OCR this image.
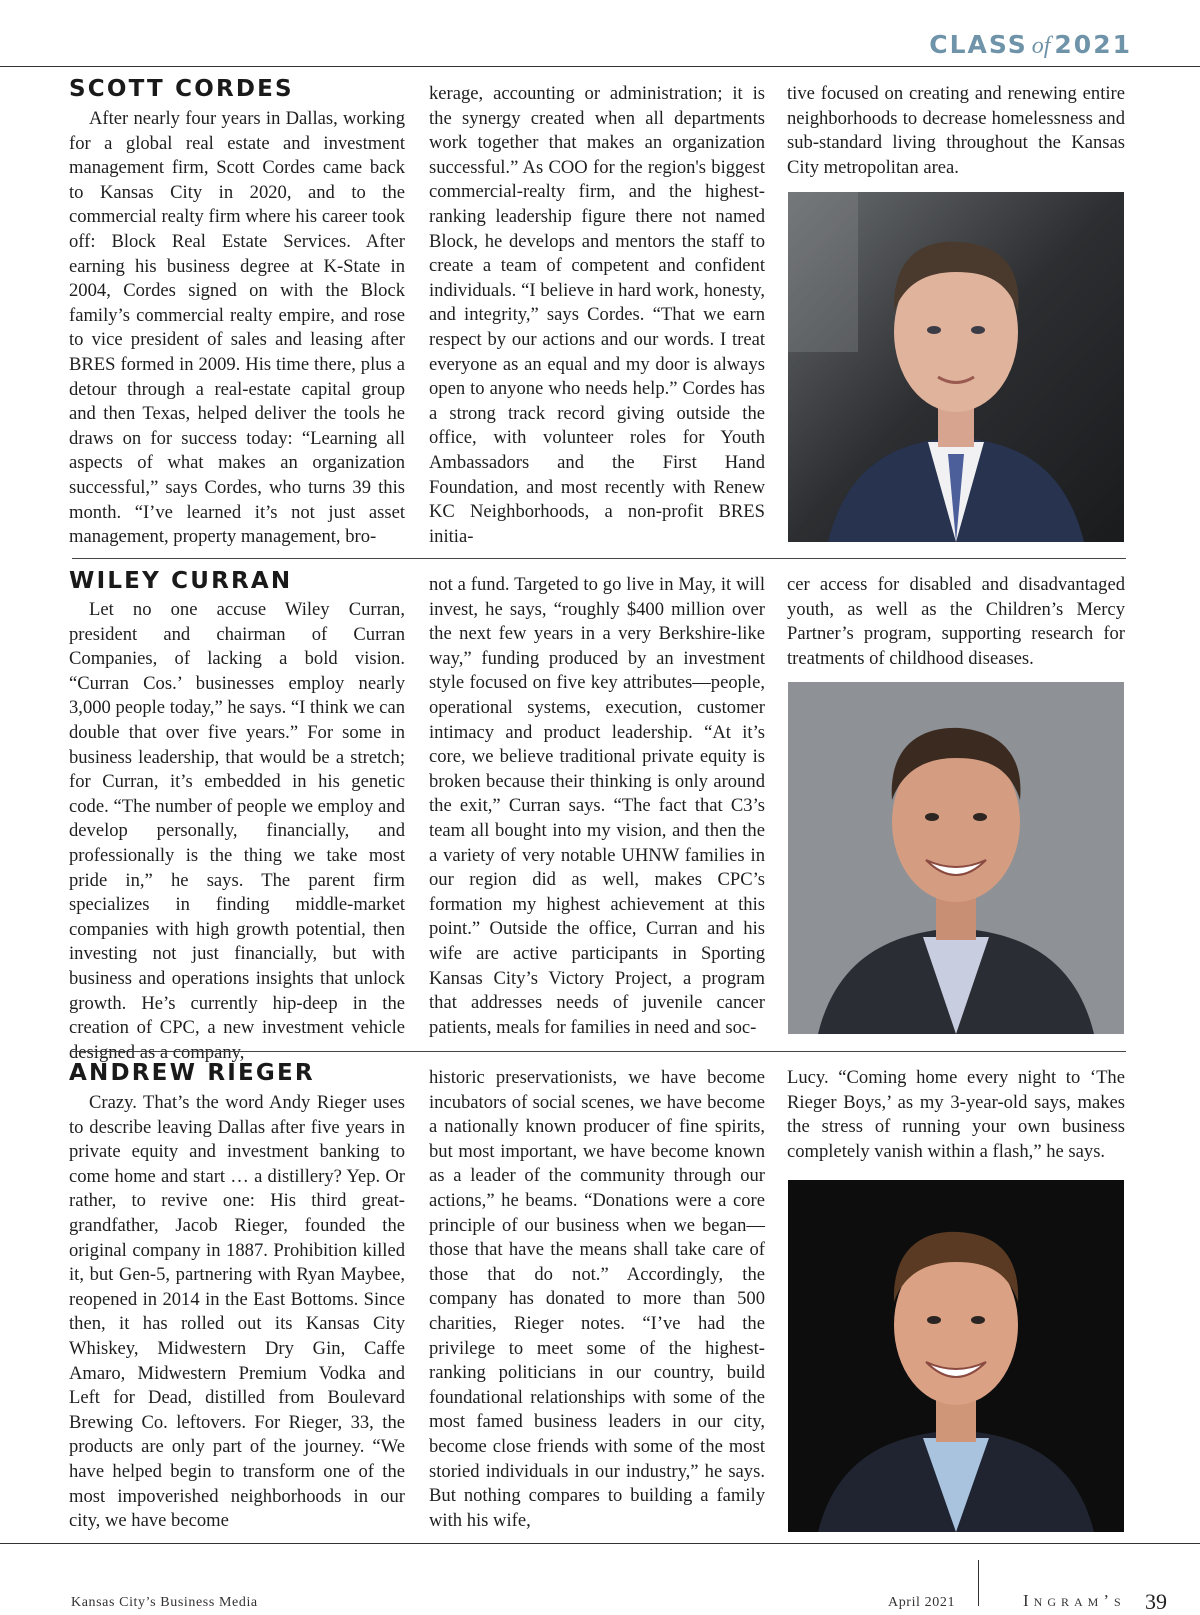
CLASS of 2021
SCOTT CORDES

After nearly four years in Dallas, working for a global real estate and investment management firm, Scott Cordes came back to Kansas City in 2020, and to the commercial realty firm where his career took off: Block Real Estate Services. After earning his business degree at K-State in 2004, Cordes signed on with the Block family’s commercial realty empire, and rose to vice president of sales and leasing after BRES formed in 2009. His time there, plus a detour through a real-estate capital group and then Texas, helped deliver the tools he draws on for success today: “Learning all aspects of what makes an organization successful,” says Cordes, who turns 39 this month. “I’ve learned it’s not just asset management, property management, bro-

kerage, accounting or administration; it is the synergy created when all departments work together that makes an organization successful.” As COO for the region's biggest commercial-realty firm, and the highest-ranking leadership figure there not named Block, he develops and mentors the staff to create a team of competent and confident individuals. “I believe in hard work, honesty, and integrity,” says Cordes. “That we earn respect by our actions and our words. I treat everyone as an equal and my door is always open to anyone who needs help.” Cordes has a strong track record giving outside the office, with volunteer roles for Youth Ambassadors and the First Hand Foundation, and most recently with Renew KC Neighborhoods, a non-profit BRES initia-

tive focused on creating and renewing entire neighborhoods to decrease homelessness and sub-standard living throughout the Kansas City metropolitan area.

WILEY CURRAN

Let no one accuse Wiley Curran, president and chairman of Curran Companies, of lacking a bold vision. “Curran Cos.’ businesses employ nearly 3,000 people today,” he says. “I think we can double that over five years.” For some in business leadership, that would be a stretch; for Curran, it’s embedded in his genetic code. “The number of people we employ and develop personally, financially, and professionally is the thing we take most pride in,” he says. The parent firm specializes in finding middle-market companies with high growth potential, then investing not just financially, but with business and operations insights that unlock growth. He’s currently hip-deep in the creation of CPC, a new investment vehicle designed as a company,

not a fund. Targeted to go live in May, it will invest, he says, “roughly $400 million over the next few years in a very Berkshire-like way,” funding produced by an investment style focused on five key attributes—people, operational systems, execution, customer intimacy and product leadership. “At it’s core, we believe traditional private equity is broken because their thinking is only around the exit,” Curran says. “The fact that C3’s team all bought into my vision, and then the a variety of very notable UHNW families in our region did as well, makes CPC’s formation my highest achievement at this point.” Outside the office, Curran and his wife are active participants in Sporting Kansas City’s Victory Project, a program that addresses needs of juvenile cancer patients, meals for families in need and soc-

cer access for disabled and disadvantaged youth, as well as the Children’s Mercy Partner’s program, supporting research for treatments of childhood diseases.

ANDREW RIEGER

Crazy. That’s the word Andy Rieger uses to describe leaving Dallas after five years in private equity and investment banking to come home and start … a distillery? Yep. Or rather, to revive one: His third great-grandfather, Jacob Rieger, founded the original company in 1887. Prohibition killed it, but Gen-5, partnering with Ryan Maybee, reopened in 2014 in the East Bottoms. Since then, it has rolled out its Kansas City Whiskey, Midwestern Dry Gin, Caffe Amaro, Midwestern Premium Vodka and Left for Dead, distilled from Boulevard Brewing Co. leftovers. For Rieger, 33, the products are only part of the journey. “We have helped begin to transform one of the most impoverished neighborhoods in our city, we have become

historic preservationists, we have become incubators of social scenes, we have become a nationally known producer of fine spirits, but most important, we have become known as a leader of the community through our actions,” he beams. “Donations were a core principle of our business when we began—those that have the means shall take care of those that do not.” Accordingly, the company has donated to more than 500 charities, Rieger notes. “I’ve had the privilege to meet some of the highest-ranking politicians in our country, build foundational relationships with some of the most famed business leaders in our city, become close friends with some of the most storied individuals in our industry,” he says. But nothing compares to building a family with his wife,

Lucy. “Coming home every night to ‘The Rieger Boys,’ as my 3-year-old says, makes the stress of running your own business completely vanish within a flash,” he says.

Kansas City’s Business Media	April 2021	Ingram’s 39
